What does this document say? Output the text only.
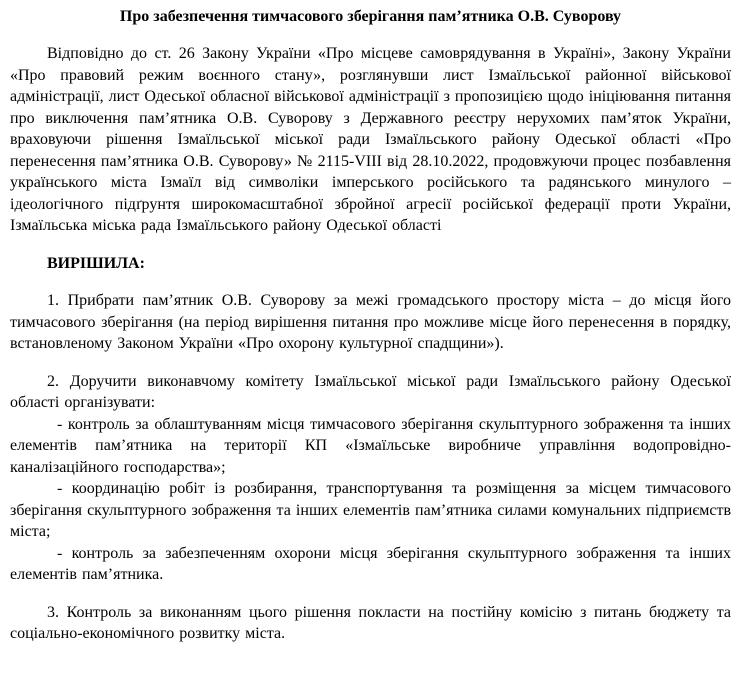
Про забезпечення тимчасового зберігання пам’ятника О.В. Суворову

Відповідно до ст. 26 Закону України «Про місцеве самоврядування в Україні», Закону України «Про правовий режим воєнного стану», розглянувши лист Ізмаїльської районної військової адміністрації, лист Одеської обласної військової адміністрації з пропозицією щодо ініціювання питання про виключення пам’ятника О.В. Суворову з Державного реєстру нерухомих пам’яток України, враховуючи рішення Ізмаїльської міської ради Ізмаїльського району Одеської області «Про перенесення пам’ятника О.В. Суворову» № 2115-VIII від 28.10.2022, продовжуючи процес позбавлення українського міста Ізмаїл від символіки імперського російського та радянського минулого – ідеологічного підґрунтя широкомасштабної збройної агресії російської федерації проти України, Ізмаїльська міська рада Ізмаїльського району Одеської області

ВИРІШИЛА:

1. Прибрати пам’ятник О.В. Суворову за межі громадського простору міста – до місця його тимчасового зберігання (на період вирішення питання про можливе місце його перенесення в порядку, встановленому Законом України «Про охорону культурної спадщини»).

2. Доручити виконавчому комітету Ізмаїльської міської ради Ізмаїльського району Одеської області організувати:

- контроль за облаштуванням місця тимчасового зберігання скульптурного зображення та інших елементів пам’ятника на території КП «Ізмаїльське виробниче управління водопровідно-каналізаційного господарства»;

- координацію робіт із розбирання, транспортування та розміщення за місцем тимчасового зберігання скульптурного зображення та інших елементів пам’ятника силами комунальних підприємств міста;

- контроль за забезпеченням охорони місця зберігання скульптурного зображення та інших елементів пам’ятника.

3. Контроль за виконанням цього рішення покласти на постійну комісію з питань бюджету та соціально-економічного розвитку міста.
